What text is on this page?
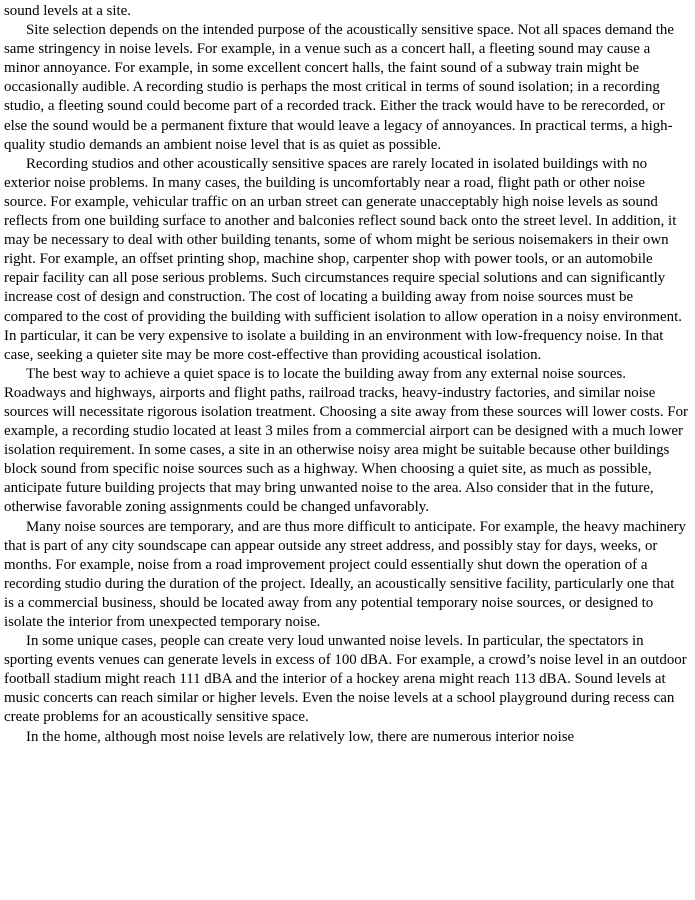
sound levels at a site.

Site selection depends on the intended purpose of the acoustically sensitive space. Not all spaces demand the same stringency in noise levels. For example, in a venue such as a concert hall, a fleeting sound may cause a minor annoyance. For example, in some excellent concert halls, the faint sound of a subway train might be occasionally audible. A recording studio is perhaps the most critical in terms of sound isolation; in a recording studio, a fleeting sound could become part of a recorded track. Either the track would have to be rerecorded, or else the sound would be a permanent fixture that would leave a legacy of annoyances. In practical terms, a high-quality studio demands an ambient noise level that is as quiet as possible.

Recording studios and other acoustically sensitive spaces are rarely located in isolated buildings with no exterior noise problems. In many cases, the building is uncomfortably near a road, flight path or other noise source. For example, vehicular traffic on an urban street can generate unacceptably high noise levels as sound reflects from one building surface to another and balconies reflect sound back onto the street level. In addition, it may be necessary to deal with other building tenants, some of whom might be serious noisemakers in their own right. For example, an offset printing shop, machine shop, carpenter shop with power tools, or an automobile repair facility can all pose serious problems. Such circumstances require special solutions and can significantly increase cost of design and construction. The cost of locating a building away from noise sources must be compared to the cost of providing the building with sufficient isolation to allow operation in a noisy environment. In particular, it can be very expensive to isolate a building in an environment with low-frequency noise. In that case, seeking a quieter site may be more cost-effective than providing acoustical isolation.

The best way to achieve a quiet space is to locate the building away from any external noise sources. Roadways and highways, airports and flight paths, railroad tracks, heavy-industry factories, and similar noise sources will necessitate rigorous isolation treatment. Choosing a site away from these sources will lower costs. For example, a recording studio located at least 3 miles from a commercial airport can be designed with a much lower isolation requirement. In some cases, a site in an otherwise noisy area might be suitable because other buildings block sound from specific noise sources such as a highway. When choosing a quiet site, as much as possible, anticipate future building projects that may bring unwanted noise to the area. Also consider that in the future, otherwise favorable zoning assignments could be changed unfavorably.

Many noise sources are temporary, and are thus more difficult to anticipate. For example, the heavy machinery that is part of any city soundscape can appear outside any street address, and possibly stay for days, weeks, or months. For example, noise from a road improvement project could essentially shut down the operation of a recording studio during the duration of the project. Ideally, an acoustically sensitive facility, particularly one that is a commercial business, should be located away from any potential temporary noise sources, or designed to isolate the interior from unexpected temporary noise.

In some unique cases, people can create very loud unwanted noise levels. In particular, the spectators in sporting events venues can generate levels in excess of 100 dBA. For example, a crowd’s noise level in an outdoor football stadium might reach 111 dBA and the interior of a hockey arena might reach 113 dBA. Sound levels at music concerts can reach similar or higher levels. Even the noise levels at a school playground during recess can create problems for an acoustically sensitive space.

In the home, although most noise levels are relatively low, there are numerous interior noise
